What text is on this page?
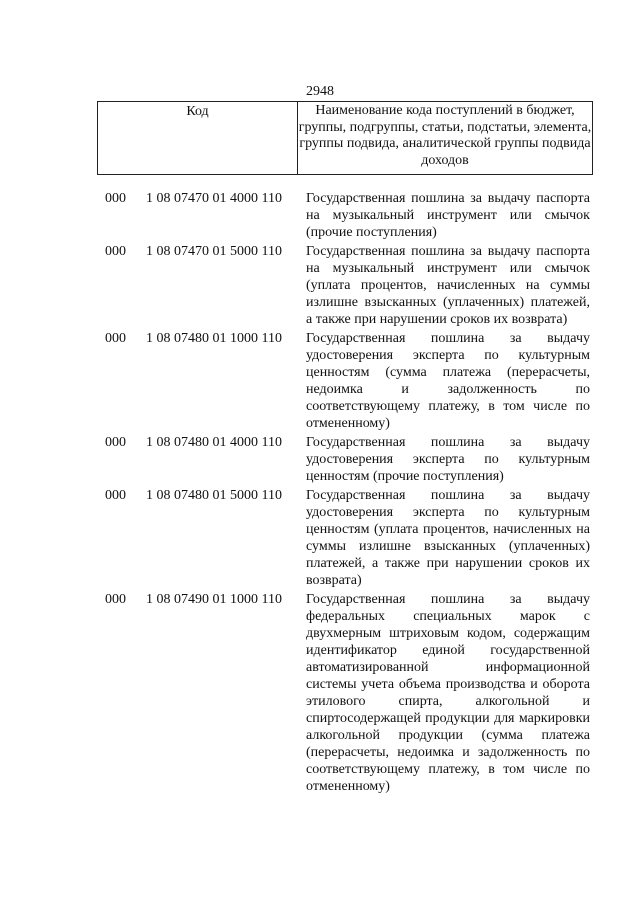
2948
Код	Наименование кода поступлений в бюджет, группы, подгруппы, статьи, подстатьи, элемента, группы подвида, аналитической группы подвида доходов
000	1 08 07470 01 4000 110	Государственная пошлина за выдачу паспорта на музыкальный инструмент или смычок (прочие поступления)
000	1 08 07470 01 5000 110	Государственная пошлина за выдачу паспорта на музыкальный инструмент или смычок (уплата процентов, начисленных на суммы излишне взысканных (уплаченных) платежей, а также при нарушении сроков их возврата)
000	1 08 07480 01 1000 110	Государственная пошлина за выдачу удостоверения эксперта по культурным ценностям (сумма платежа (перерасчеты, недоимка и задолженность по соответствующему платежу, в том числе по отмененному)
000	1 08 07480 01 4000 110	Государственная пошлина за выдачу удостоверения эксперта по культурным ценностям (прочие поступления)
000	1 08 07480 01 5000 110	Государственная пошлина за выдачу удостоверения эксперта по культурным ценностям (уплата процентов, начисленных на суммы излишне взысканных (уплаченных) платежей, а также при нарушении сроков их возврата)
000	1 08 07490 01 1000 110	Государственная пошлина за выдачу федеральных специальных марок с двухмерным штриховым кодом, содержащим идентификатор единой государственной автоматизированной информационной системы учета объема производства и оборота этилового спирта, алкогольной и спиртосодержащей продукции для маркировки алкогольной продукции (сумма платежа (перерасчеты, недоимка и задолженность по соответствующему платежу, в том числе по отмененному)
